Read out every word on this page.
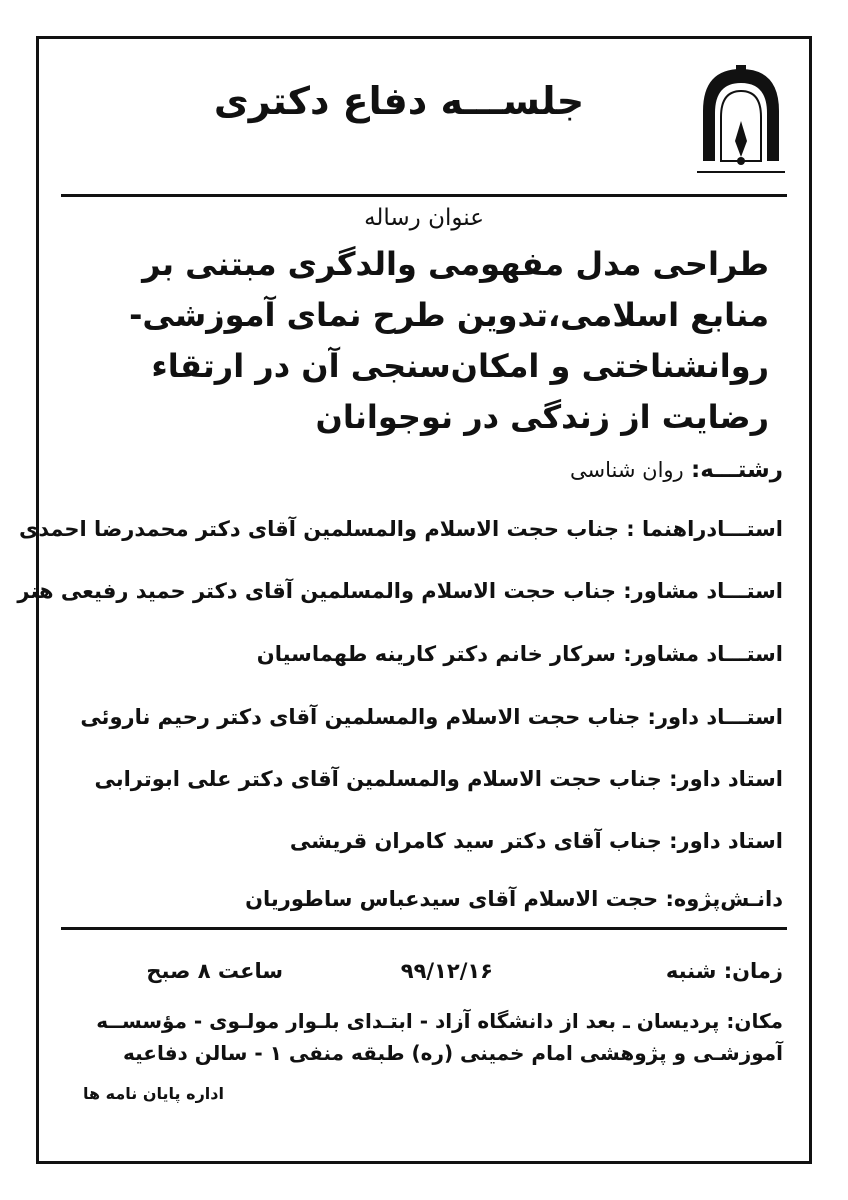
جلســـه دفاع دکتری
عنوان رساله
طراحی مدل مفهومی والدگری مبتنی بر منابع اسلامی،تدوین طرح نمای آموزشی-روانشناختی و امکان‌سنجی آن در ارتقاء رضایت از زندگی در نوجوانان
رشتـــه: روان شناسی
استـــادراهنما : جناب حجت الاسلام والمسلمین آقای دکتر محمدرضا احمدی
استـــاد مشاور: جناب حجت الاسلام والمسلمین آقای دکتر حمید رفیعی هنر
استـــاد مشاور: سرکار خانم دکتر کارینه طهماسیان
استـــاد داور: جناب حجت الاسلام والمسلمین آقای دکتر رحیم ناروئی
استاد داور: جناب حجت الاسلام والمسلمین آقای دکتر علی ابوترابی
استاد داور: جناب آقای دکتر سید کامران قریشی
دانـش‌پژوه: حجت الاسلام آقای سیدعباس ساطوریان
زمان: شنبه
۹۹/۱۲/۱۶
ساعت ۸ صبح
مکان: پردیسان ـ بعد از دانشگاه آزاد - ابتـدای بلـوار مولـوی - مؤسســه آموزشـی و پژوهشی امام خمینی (ره) طبقه منفی ۱ - سالن دفاعیه
اداره پایان نامه ها
